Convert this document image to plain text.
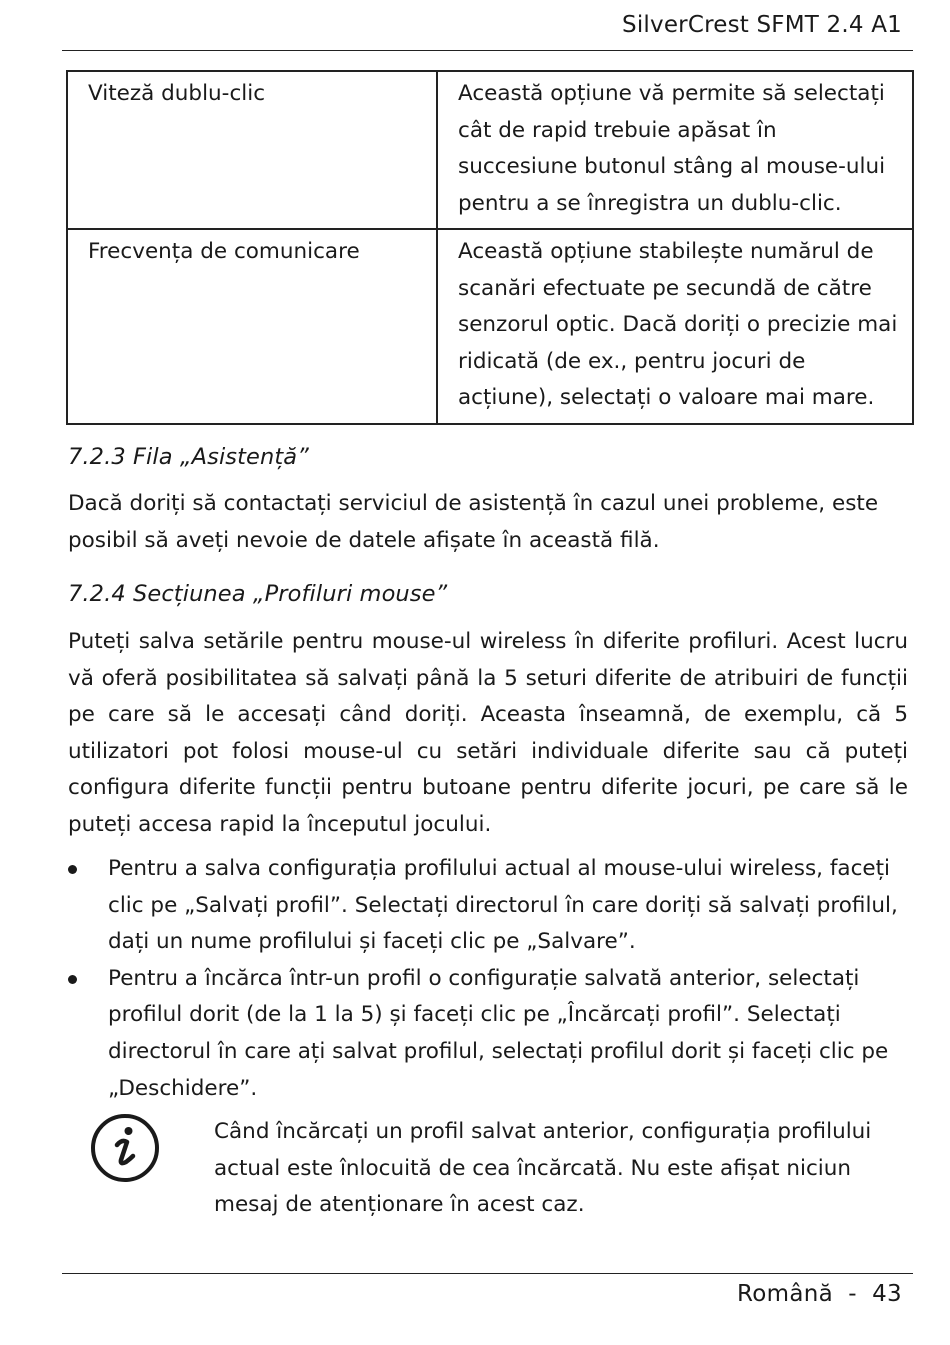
SilverCrest SFMT 2.4 A1
Viteză dublu-clic	Această opțiune vă permite să selectați cât de rapid trebuie apăsat în succesiune butonul stâng al mouse-ului pentru a se înregistra un dublu-clic.
Frecvența de comunicare	Această opțiune stabilește numărul de scanări efectuate pe secundă de către senzorul optic. Dacă doriți o precizie mai ridicată (de ex., pentru jocuri de acțiune), selectați o valoare mai mare.
7.2.3 Fila „Asistență”

Dacă doriți să contactați serviciul de asistență în cazul unei probleme, este posibil să aveți nevoie de datele afișate în această filă.

7.2.4 Secțiunea „Profiluri mouse”

Puteți salva setările pentru mouse-ul wireless în diferite profiluri. Acest lucru vă oferă posibilitatea să salvați până la 5 seturi diferite de atribuiri de funcții pe care să le accesați când doriți. Aceasta înseamnă, de exemplu, că 5 utilizatori pot folosi mouse-ul cu setări individuale diferite sau că puteți configura diferite funcții pentru butoane pentru diferite jocuri, pe care să le puteți accesa rapid la începutul jocului.

Pentru a salva configurația profilului actual al mouse-ului wireless, faceți clic pe „Salvați profil”. Selectați directorul în care doriți să salvați profilul, dați un nume profilului și faceți clic pe „Salvare”.
Pentru a încărca într-un profil o configurație salvată anterior, selectați profilul dorit (de la 1 la 5) și faceți clic pe „Încărcați profil”. Selectați directorul în care ați salvat profilul, selectați profilul dorit și faceți clic pe „Deschidere”.

Când încărcați un profil salvat anterior, configurația profilului actual este înlocuită de cea încărcată. Nu este afișat niciun mesaj de atenționare în acest caz.

Română - 43
